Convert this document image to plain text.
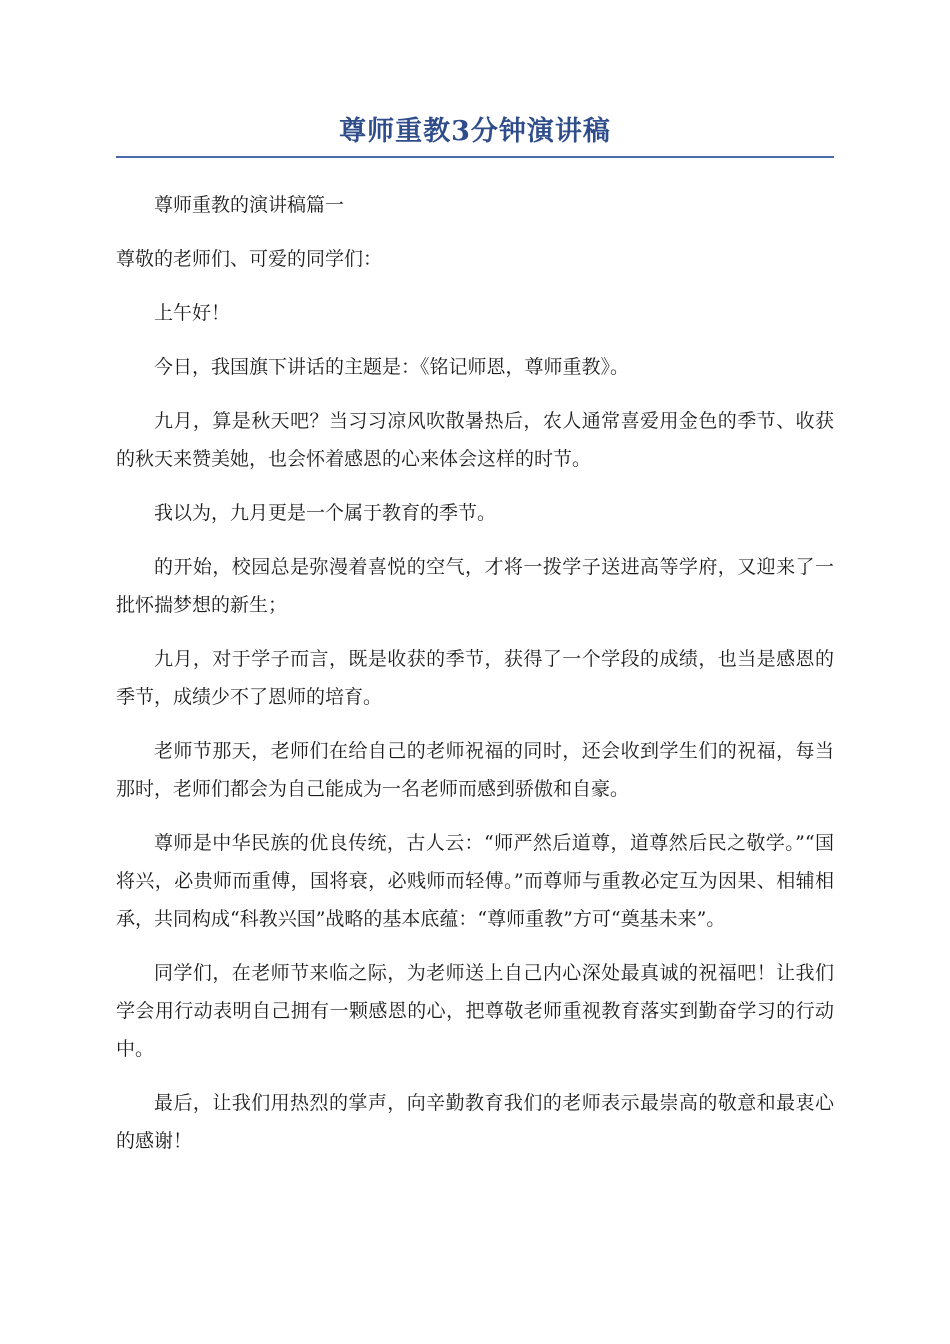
尊师重教3分钟演讲稿

尊师重教的演讲稿篇一

尊敬的老师们、可爱的同学们：

上午好！

今日，我国旗下讲话的主题是：《铭记师恩，尊师重教》。

九月，算是秋天吧？当习习凉风吹散暑热后，农人通常喜爱用金色的季节、收获的秋天来赞美她，也会怀着感恩的心来体会这样的时节。

我以为，九月更是一个属于教育的季节。

的开始，校园总是弥漫着喜悦的空气，才将一拨学子送进高等学府，又迎来了一批怀揣梦想的新生；

九月，对于学子而言，既是收获的季节，获得了一个学段的成绩，也当是感恩的季节，成绩少不了恩师的培育。

老师节那天，老师们在给自己的老师祝福的同时，还会收到学生们的祝福，每当那时，老师们都会为自己能成为一名老师而感到骄傲和自豪。

尊师是中华民族的优良传统，古人云：“师严然后道尊，道尊然后民之敬学。”“国将兴，必贵师而重傅，国将衰，必贱师而轻傅。”而尊师与重教必定互为因果、相辅相承，共同构成“科教兴国”战略的基本底蕴：“尊师重教”方可“奠基未来”。

同学们，在老师节来临之际，为老师送上自己内心深处最真诚的祝福吧！让我们学会用行动表明自己拥有一颗感恩的心，把尊敬老师重视教育落实到勤奋学习的行动中。

最后，让我们用热烈的掌声，向辛勤教育我们的老师表示最崇高的敬意和最衷心的感谢！
